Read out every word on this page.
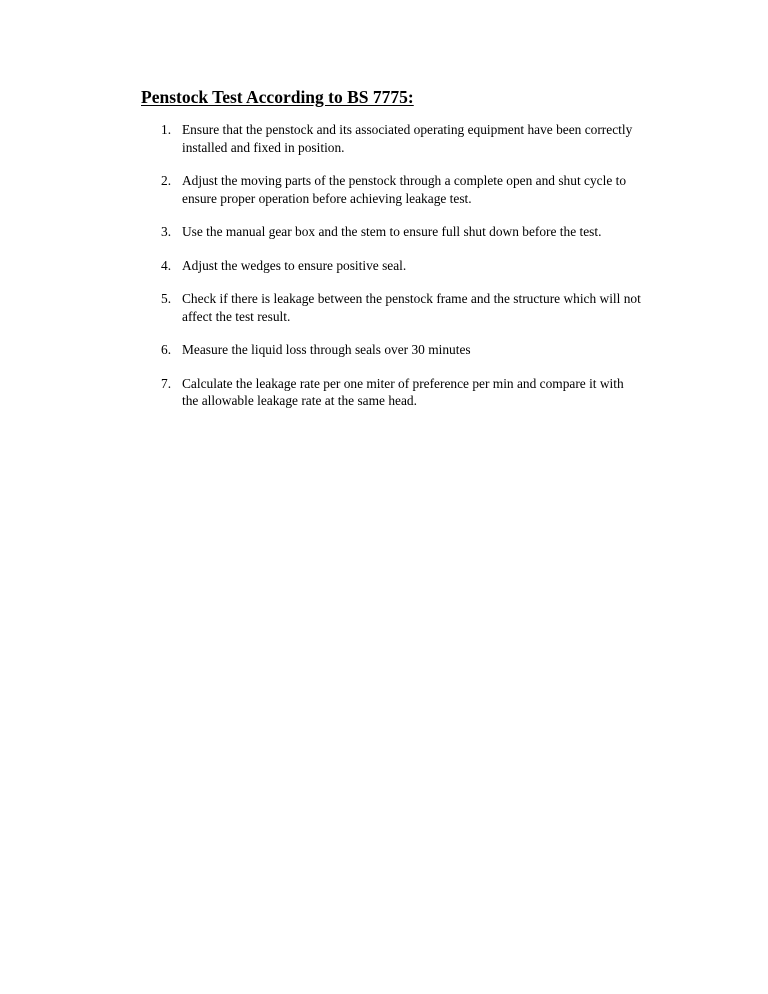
Penstock Test According to BS 7775:
1. Ensure that the penstock and its associated operating equipment have been correctly installed and fixed in position.
2. Adjust the moving parts of the penstock through a complete open and shut cycle to ensure proper operation before achieving leakage test.
3. Use the manual gear box and the stem to ensure full shut down before the test.
4. Adjust the wedges to ensure positive seal.
5. Check if there is leakage between the penstock frame and the structure which will not affect the test result.
6. Measure the liquid loss through seals over 30 minutes
7. Calculate the leakage rate per one miter of preference per min and compare it with the allowable leakage rate at the same head.
